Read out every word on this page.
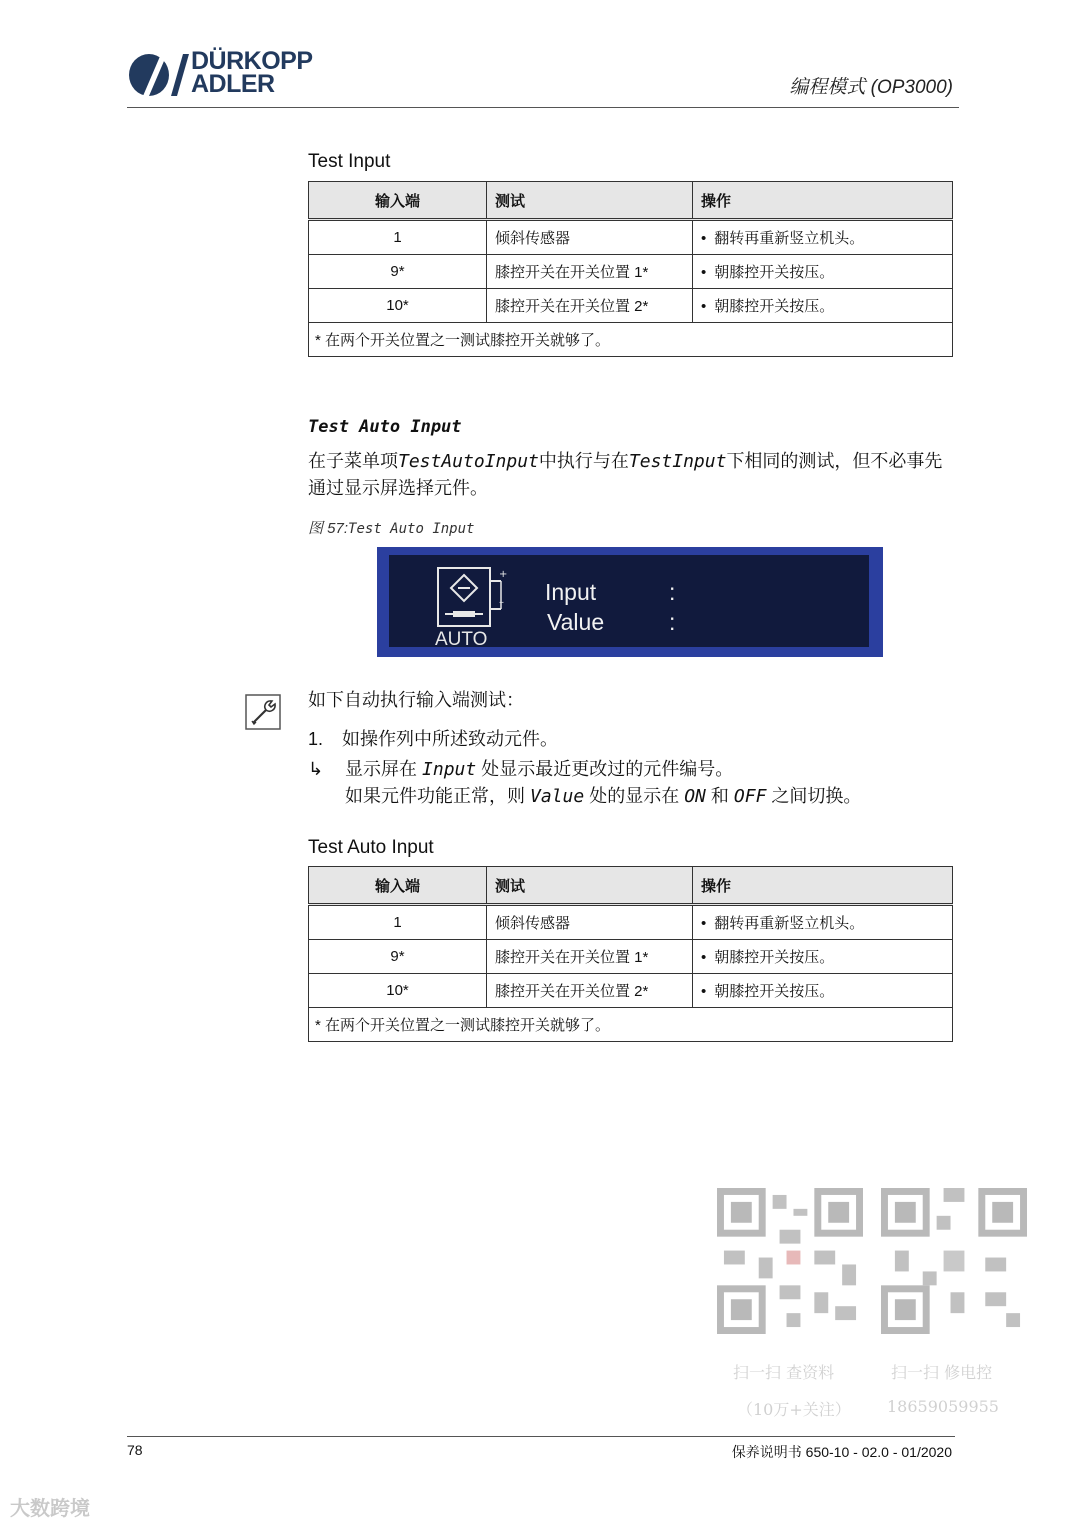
DÜRKOPP
ADLER	编程模式 (OP3000)
Test Input
输入端	测试	操作
1	倾斜传感器	• 翻转再重新竖立机头。
9*	膝控开关在开关位置 1*	• 朝膝控开关按压。
10*	膝控开关在开关位置 2*	• 朝膝控开关按压。
* 在两个开关位置之一测试膝控开关就够了。		
Test Auto Input
在子菜单项TestAutoInput中执行与在TestInput下相同的测试，但不必事先通过显示屏选择元件。
图 57:Test Auto Input
+
–
AUTO
Input	:
Value	:
如下自动执行输入端测试：
1. 如操作列中所述致动元件。
↳ 显示屏在 Input 处显示最近更改过的元件编号。
如果元件功能正常，则 Value 处的显示在 ON 和 OFF 之间切换。
Test Auto Input
输入端	测试	操作
1	倾斜传感器	• 翻转再重新竖立机头。
9*	膝控开关在开关位置 1*	• 朝膝控开关按压。
10*	膝控开关在开关位置 2*	• 朝膝控开关按压。
* 在两个开关位置之一测试膝控开关就够了。		
扫一扫 查资料
（10万+关注）
扫一扫 修电控
18659059955
78	保养说明书 650-10 - 02.0 - 01/2020
大数跨境
